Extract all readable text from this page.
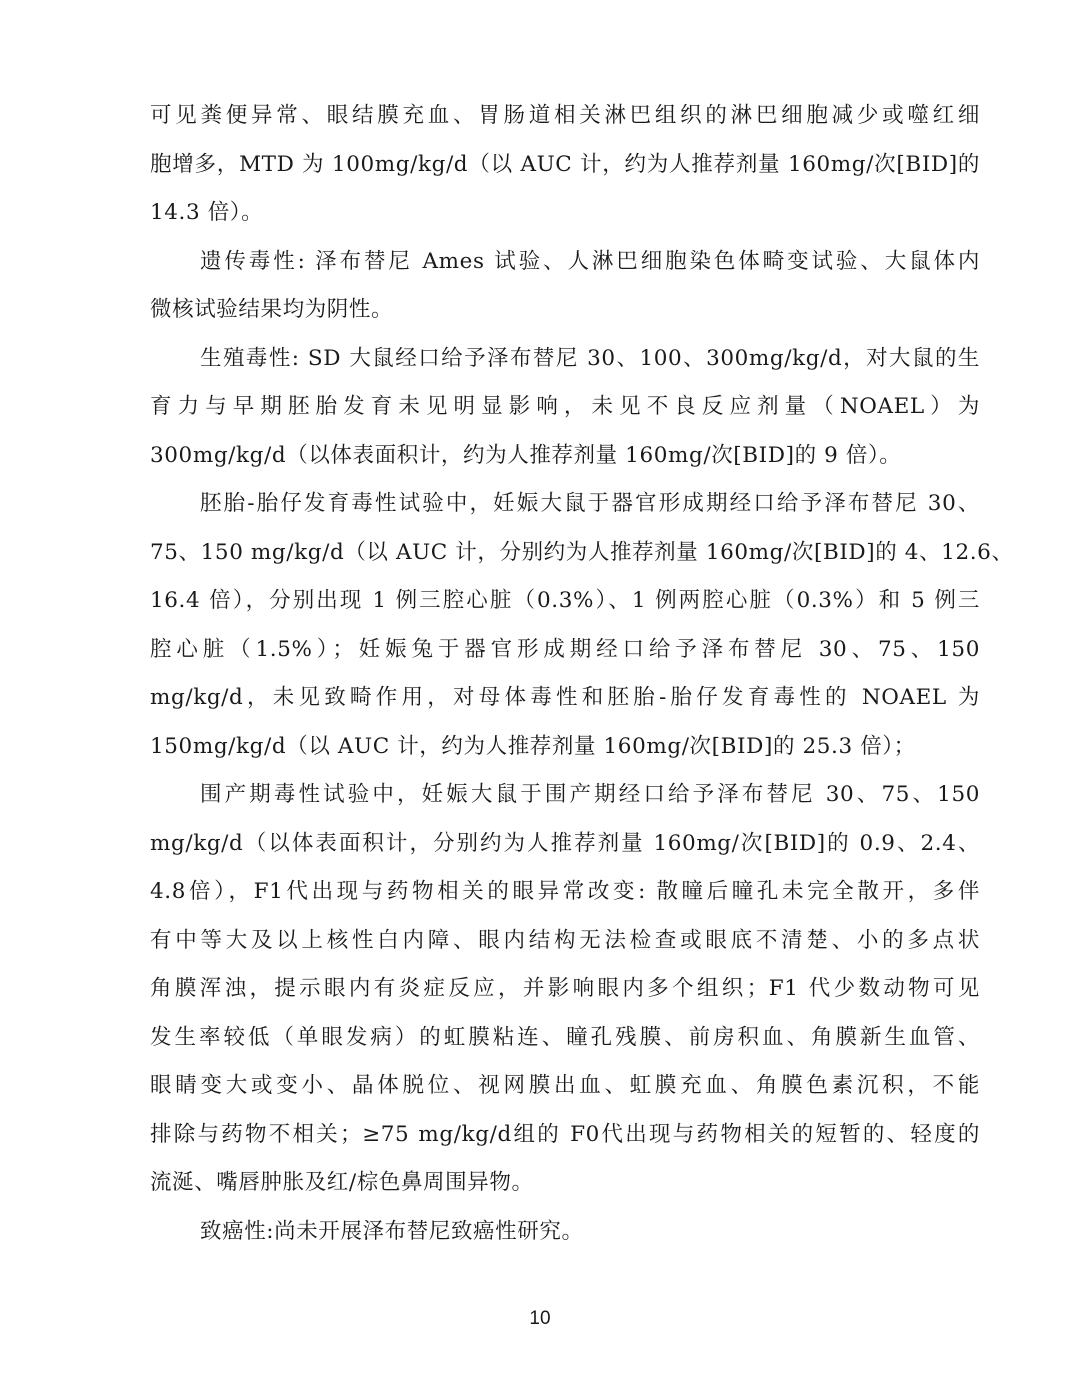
可见粪便异常、眼结膜充血、胃肠道相关淋巴组织的淋巴细胞减少或噬红细
胞增多，MTD 为 100mg/kg/d（以 AUC 计，约为人推荐剂量 160mg/次[BID]的
14.3 倍）。
遗传毒性: 泽布替尼 Ames 试验、人淋巴细胞染色体畸变试验、大鼠体内
微核试验结果均为阴性。
生殖毒性: SD 大鼠经口给予泽布替尼 30、100、300mg/kg/d，对大鼠的生
育力与早期胚胎发育未见明显影响，未见不良反应剂量（NOAEL）为
300mg/kg/d（以体表面积计，约为人推荐剂量 160mg/次[BID]的 9 倍）。
胚胎-胎仔发育毒性试验中，妊娠大鼠于器官形成期经口给予泽布替尼 30、
75、150 mg/kg/d（以 AUC 计，分别约为人推荐剂量 160mg/次[BID]的 4、12.6、
16.4 倍），分别出现 1 例三腔心脏（0.3%）、1 例两腔心脏（0.3%）和 5 例三
腔心脏（1.5%）；妊娠兔于器官形成期经口给予泽布替尼 30、75、150
mg/kg/d，未见致畸作用，对母体毒性和胚胎-胎仔发育毒性的 NOAEL 为
150mg/kg/d（以 AUC 计，约为人推荐剂量 160mg/次[BID]的 25.3 倍）；
围产期毒性试验中，妊娠大鼠于围产期经口给予泽布替尼 30、75、150
mg/kg/d（以体表面积计，分别约为人推荐剂量 160mg/次[BID]的 0.9、2.4、
4.8倍），F1代出现与药物相关的眼异常改变: 散瞳后瞳孔未完全散开，多伴
有中等大及以上核性白内障、眼内结构无法检查或眼底不清楚、小的多点状
角膜浑浊，提示眼内有炎症反应，并影响眼内多个组织；F1 代少数动物可见
发生率较低（单眼发病）的虹膜粘连、瞳孔残膜、前房积血、角膜新生血管、
眼睛变大或变小、晶体脱位、视网膜出血、虹膜充血、角膜色素沉积，不能
排除与药物不相关；≥75 mg/kg/d组的 F0代出现与药物相关的短暂的、轻度的
流涎、嘴唇肿胀及红/棕色鼻周围异物。
致癌性:尚未开展泽布替尼致癌性研究。
10
